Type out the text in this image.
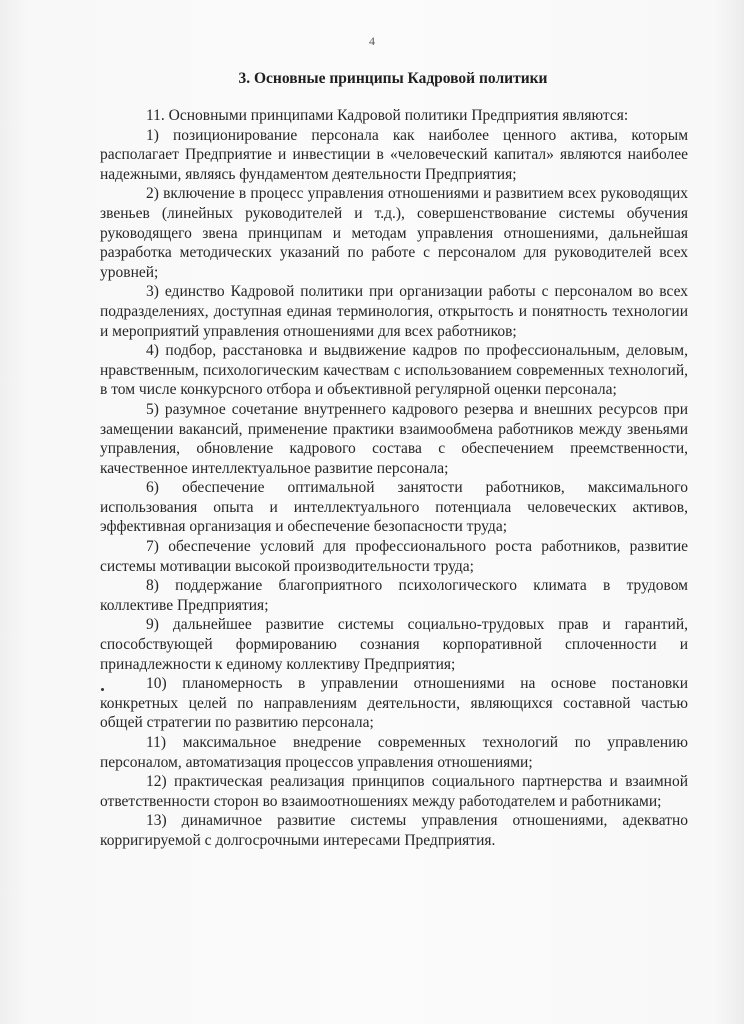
4
3. Основные принципы Кадровой политики

11. Основными принципами Кадровой политики Предприятия являются:

1) позиционирование персонала как наиболее ценного актива, которым располагает Предприятие и инвестиции в «человеческий капитал» являются наиболее надежными, являясь фундаментом деятельности Предприятия;

2) включение в процесс управления отношениями и развитием всех руководящих звеньев (линейных руководителей и т.д.), совершенствование системы обучения руководящего звена принципам и методам управления отношениями, дальнейшая разработка методических указаний по работе с персоналом для руководителей всех уровней;

3) единство Кадровой политики при организации работы с персоналом во всех подразделениях, доступная единая терминология, открытость и понятность технологии и мероприятий управления отношениями для всех работников;

4) подбор, расстановка и выдвижение кадров по профессиональным, деловым, нравственным, психологическим качествам с использованием современных технологий, в том числе конкурсного отбора и объективной регулярной оценки персонала;

5) разумное сочетание внутреннего кадрового резерва и внешних ресурсов при замещении вакансий, применение практики взаимообмена работников между звеньями управления, обновление кадрового состава с обеспечением преемственности, качественное интеллектуальное развитие персонала;

6) обеспечение оптимальной занятости работников, максимального использования опыта и интеллектуального потенциала человеческих активов, эффективная организация и обеспечение безопасности труда;

7) обеспечение условий для профессионального роста работников, развитие системы мотивации высокой производительности труда;

8) поддержание благоприятного психологического климата в трудовом коллективе Предприятия;

9) дальнейшее развитие системы социально-трудовых прав и гарантий, способствующей формированию сознания корпоративной сплоченности и принадлежности к единому коллективу Предприятия;

10) планомерность в управлении отношениями на основе постановки конкретных целей по направлениям деятельности, являющихся составной частью общей стратегии по развитию персонала;

11) максимальное внедрение современных технологий по управлению персоналом, автоматизация процессов управления отношениями;

12) практическая реализация принципов социального партнерства и взаимной ответственности сторон во взаимоотношениях между работодателем и работниками;

13) динамичное развитие системы управления отношениями, адекватно корригируемой с долгосрочными интересами Предприятия.
